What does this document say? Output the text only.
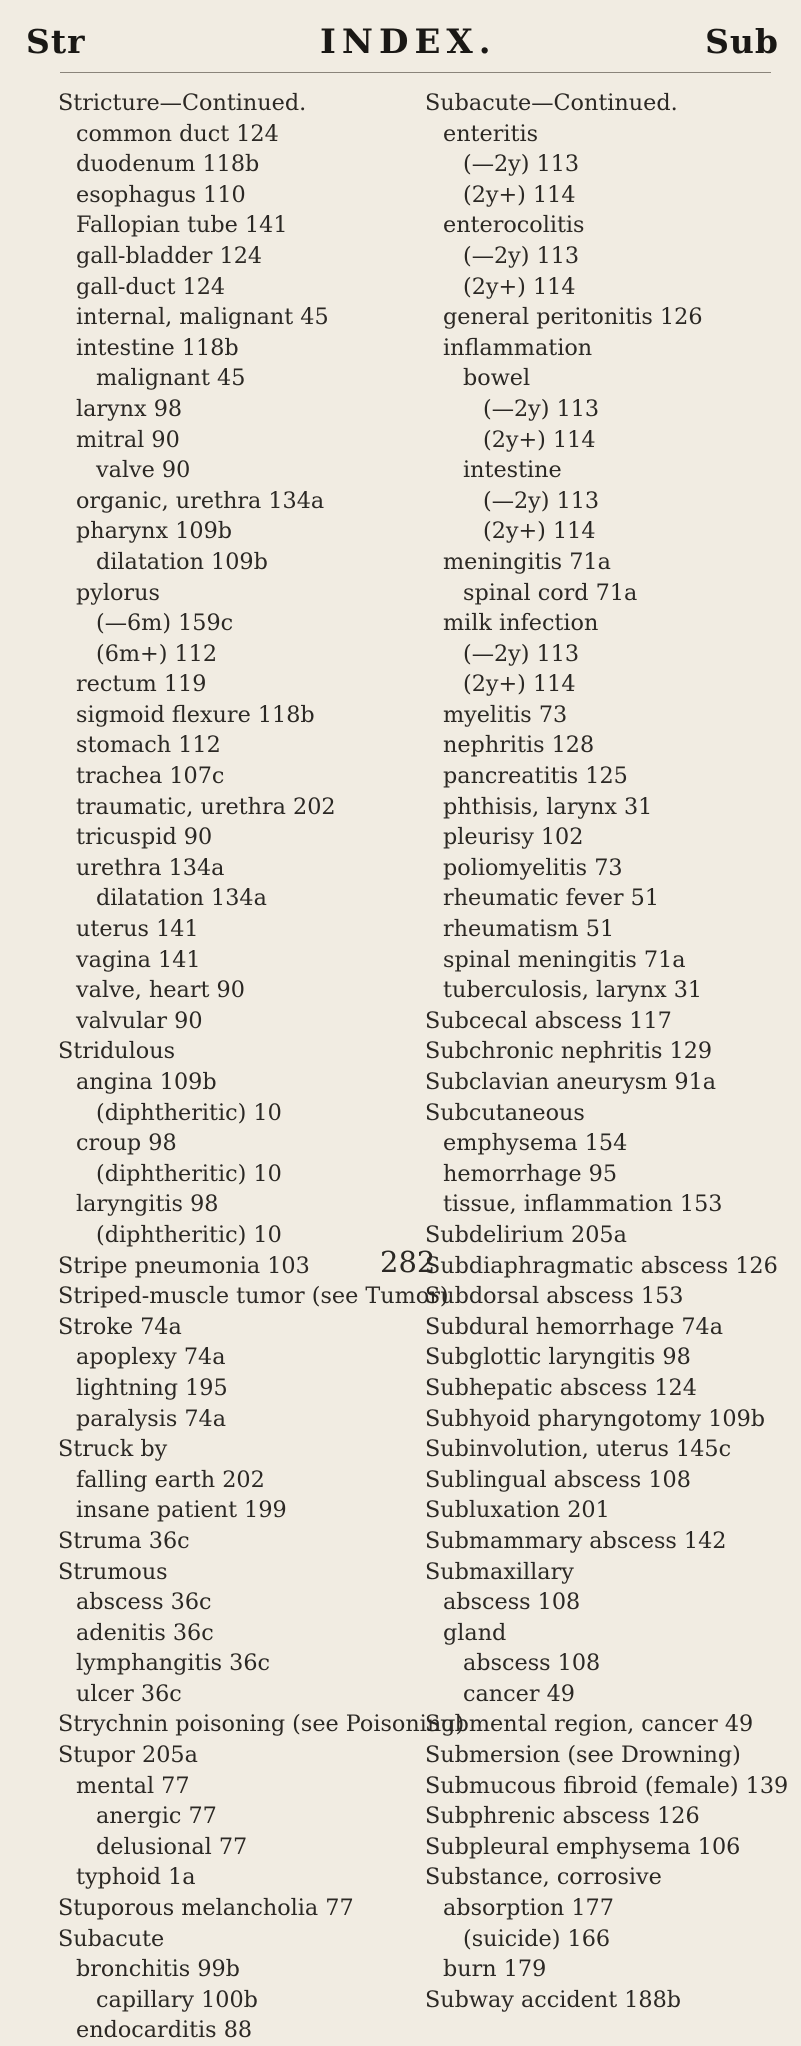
Str	INDEX.	Sub
Stricture—Continued.
common duct 124
duodenum 118b
esophagus 110
Fallopian tube 141
gall-bladder 124
gall-duct 124
internal, malignant 45
intestine 118b
malignant 45
larynx 98
mitral 90
valve 90
organic, urethra 134a
pharynx 109b
dilatation 109b
pylorus
(—6m) 159c
(6m+) 112
rectum 119
sigmoid flexure 118b
stomach 112
trachea 107c
traumatic, urethra 202
tricuspid 90
urethra 134a
dilatation 134a
uterus 141
vagina 141
valve, heart 90
valvular 90
Stridulous
angina 109b
(diphtheritic) 10
croup 98
(diphtheritic) 10
laryngitis 98
(diphtheritic) 10
Stripe pneumonia 103
Striped-muscle tumor (see Tumor)
Stroke 74a
apoplexy 74a
lightning 195
paralysis 74a
Struck by
falling earth 202
insane patient 199
Struma 36c
Strumous
abscess 36c
adenitis 36c
lymphangitis 36c
ulcer 36c
Strychnin poisoning (see Poisoning)
Stupor 205a
mental 77
anergic 77
delusional 77
typhoid 1a
Stuporous melancholia 77
Subacute
bronchitis 99b
capillary 100b
endocarditis 88
Subacute—Continued.
enteritis
(—2y) 113
(2y+) 114
enterocolitis
(—2y) 113
(2y+) 114
general peritonitis 126
inflammation
bowel
(—2y) 113
(2y+) 114
intestine
(—2y) 113
(2y+) 114
meningitis 71a
spinal cord 71a
milk infection
(—2y) 113
(2y+) 114
myelitis 73
nephritis 128
pancreatitis 125
phthisis, larynx 31
pleurisy 102
poliomyelitis 73
rheumatic fever 51
rheumatism 51
spinal meningitis 71a
tuberculosis, larynx 31
Subcecal abscess 117
Subchronic nephritis 129
Subclavian aneurysm 91a
Subcutaneous
emphysema 154
hemorrhage 95
tissue, inflammation 153
Subdelirium 205a
Subdiaphragmatic abscess 126
Subdorsal abscess 153
Subdural hemorrhage 74a
Subglottic laryngitis 98
Subhepatic abscess 124
Subhyoid pharyngotomy 109b
Subinvolution, uterus 145c
Sublingual abscess 108
Subluxation 201
Submammary abscess 142
Submaxillary
abscess 108
gland
abscess 108
cancer 49
Submental region, cancer 49
Submersion (see Drowning)
Submucous fibroid (female) 139
Subphrenic abscess 126
Subpleural emphysema 106
Substance, corrosive
absorption 177
(suicide) 166
burn 179
Subway accident 188b
282
